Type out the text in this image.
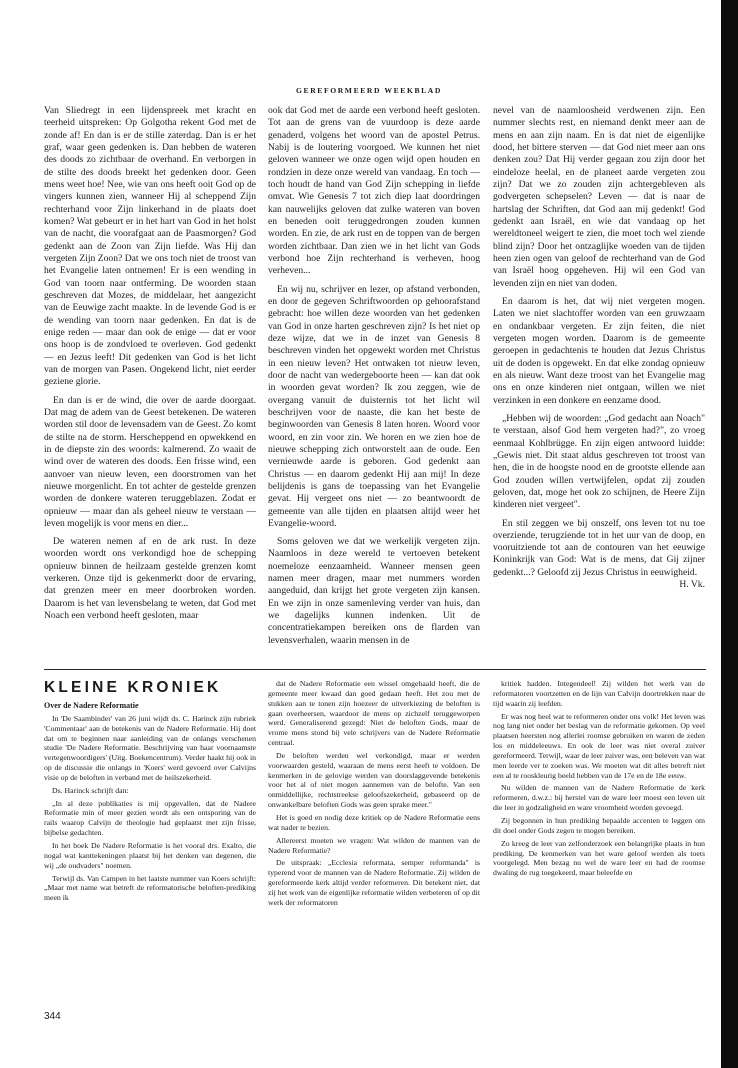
GEREFORMEERD WEEKBLAD

Van Sliedregt in een lijdenspreek met kracht en teerheid uitspreken: Op Golgotha rekent God met de zonde af! En dan is er de stille zaterdag. Dan is er het graf, waar geen gedenken is. Dan hebben de wateren des doods zo zichtbaar de overhand. En verborgen in de stilte des doods breekt het gedenken door. Geen mens weet hoe! Nee, wie van ons heeft ooit God op de vingers kunnen zien, wanneer Hij al scheppend Zijn rechterhand voor Zijn linkerhand in de plaats doet komen? Wat gebeurt er in het hart van God in het holst van de nacht, die voorafgaat aan de Paasmorgen? God gedenkt aan de Zoon van Zijn liefde. Was Hij dan vergeten Zijn Zoon? Dat we ons toch niet de troost van het Evangelie laten ontnemen! Er is een wending in God van toorn naar ontferming. De woorden staan geschreven dat Mozes, de middelaar, het aangezicht van de Eeuwige zacht maakte. In de levende God is er de wending van toorn naar gedenken. En dat is de enige reden — maar dan ook de enige — dat er voor ons hoop is de zondvloed te overleven. God gedenkt — en Jezus leeft! Dit gedenken van God is het licht van de morgen van Pasen. Ongekend licht, niet eerder geziene glorie.

En dan is er de wind, die over de aarde doorgaat. Dat mag de adem van de Geest betekenen. De wateren worden stil door de levensadem van de Geest. Zo komt de stilte na de storm. Herscheppend en opwekkend en in de diepste zin des woords: kalmerend. Zo waait de wind over de wateren des doods. Een frisse wind, een aanvoer van nieuw leven, een doorstromen van het nieuwe morgenlicht. En tot achter de gestelde grenzen worden de donkere wateren teruggeblazen. Zodat er opnieuw — maar dan als geheel nieuw te verstaan — leven mogelijk is voor mens en dier...

De wateren nemen af en de ark rust. In deze woorden wordt ons verkondigd hoe de schepping opnieuw binnen de heilzaam gestelde grenzen komt verkeren. Onze tijd is gekenmerkt door de ervaring, dat grenzen meer en meer doorbroken worden. Daarom is het van levensbelang te weten, dat God met Noach een verbond heeft gesloten, maar

ook dat God met de aarde een verbond heeft gesloten. Tot aan de grens van de vuurdoop is deze aarde genaderd, volgens het woord van de apostel Petrus. Nabij is de loutering voorgoed. We kunnen het niet geloven wanneer we onze ogen wijd open houden en rondzien in deze onze wereld van vandaag. En toch — toch houdt de hand van God Zijn schepping in liefde omvat. Wie Genesis 7 tot zich diep laat doordringen kan nauwelijks geloven dat zulke wateren van boven en beneden ooit teruggedrongen zouden kunnen worden. En zie, de ark rust en de toppen van de bergen worden zichtbaar. Dan zien we in het licht van Gods verbond hoe Zijn rechterhand is verheven, hoog verheven...

En wij nu, schrijver en lezer, op afstand verbonden, en door de gegeven Schriftwoorden op gehoorafstand gebracht: hoe willen deze woorden van het gedenken van God in onze harten geschreven zijn? Is het niet op deze wijze, dat we in de inzet van Genesis 8 beschreven vinden het opgewekt worden met Christus in een nieuw leven? Het ontwaken tot nieuw leven, door de nacht van wedergeboorte heen — kan dat ook in woorden gevat worden? Ik zou zeggen, wie de overgang vanuit de duisternis tot het licht wil beschrijven voor de naaste, die kan het beste de beginwoorden van Genesis 8 laten horen. Woord voor woord, en zin voor zin. We horen en we zien hoe de nieuwe schepping zich ontworstelt aan de oude. Een vernieuwde aarde is geboren. God gedenkt aan Christus — en daarom gedenkt Hij aan mij! In deze belijdenis is gans de toepassing van het Evangelie gevat. Hij vergeet ons niet — zo beantwoordt de gemeente van alle tijden en plaatsen altijd weer het Evangelie-woord.

Soms geloven we dat we werkelijk vergeten zijn. Naamloos in deze wereld te vertoeven betekent noemeloze eenzaamheid. Wanneer mensen geen namen meer dragen, maar met nummers worden aangeduid, dan krijgt het grote vergeten zijn kansen. En we zijn in onze samenleving verder van huis, dan we dagelijks kunnen indenken. Uit de concentratiekampen bereiken ons de flarden van levensverhalen, waarin mensen in de

nevel van de naamloosheid verdwenen zijn. Een nummer slechts rest, en niemand denkt meer aan de mens en aan zijn naam. En is dat niet de eigenlijke dood, het bittere sterven — dat God niet meer aan ons denken zou? Dat Hij verder gegaan zou zijn door het eindeloze heelal, en de planeet aarde vergeten zou zijn? Dat we zo zouden zijn achtergebleven als godvergeten schepselen? Leven — dat is naar de hartslag der Schriften, dat God aan mij gedenkt! God gedenkt aan Israël, en wie dat vandaag op het wereldtoneel weigert te zien, die moet toch wel ziende blind zijn? Door het ontzaglijke woeden van de tijden heen zien ogen van geloof de rechterhand van de God van Israël hoog opgeheven. Hij wil een God van levenden zijn en niet van doden.

En daarom is het, dat wij niet vergeten mogen. Laten we niet slachtoffer worden van een gruwzaam en ondankbaar vergeten. Er zijn feiten, die niet vergeten mogen worden. Daarom is de gemeente geroepen in gedachtenis te houden dat Jezus Christus uit de doden is opgewekt. En dat elke zondag opnieuw en als nieuw. Want deze troost van het Evangelie mag ons en onze kinderen niet ontgaan, willen we niet verzinken in een donkere en eenzame dood.

„Hebben wij de woorden: „God gedacht aan Noach" te verstaan, alsof God hem vergeten had?", zo vroeg eenmaal Kohlbrügge. En zijn eigen antwoord luidde: „Gewis niet. Dit staat aldus geschreven tot troost van hen, die in de hoogste nood en de grootste ellende aan God zouden willen vertwijfelen, opdat zij zouden geloven, dat, moge het ook zo schijnen, de Heere Zijn kinderen niet vergeet".

En stil zeggen we bij onszelf, ons leven tot nu toe overziende, terugziende tot in het uur van de doop, en vooruitziende tot aan de contouren van het eeuwige Koninkrijk van God: Wat is de mens, dat Gij zijner gedenkt...? Geloofd zij Jezus Christus in eeuwigheid.

H. Vk.

KLEINE KRONIEK

Over de Nadere Reformatie

In 'De Saambinder' van 26 juni wijdt ds. C. Harinck zijn rubriek 'Commentaar' aan de betekenis van de Nadere Reformatie. Hij doet dat om te beginnen naar aanleiding van de onlangs verschenen studie 'De Nadere Reformatie. Beschrijving van haar voornaamste vertegenwoordigers' (Uitg. Boekencentrum). Verder haakt hij ook in op de discussie die onlangs in 'Koers' werd gevoerd over Calvijns visie op de beloften in verband met de heilszekerheid.

Ds. Harinck schrijft dan:

„In al deze publikaties is mij opgevallen, dat de Nadere Reformatie min of meer gezien wordt als een ontsporing van de rails waarop Calvijn de theologie had geplaatst met zijn frisse, bijbelse gedachten.

In het boek De Nadere Reformatie is het vooral drs. Exalto, die nogal wat kanttekeningen plaatst bij het denken van degenen, die wij „de oudvaders" noemen.

Terwijl ds. Van Campen in het laatste nummer van Koers schrijft: „Maar met name wat betreft de reformatorische beloften-prediking meen ik

dat de Nadere Reformatie een wissel omgehaald heeft, die de gemeente meer kwaad dan goed gedaan heeft. Het zou met de stukken aan te tonen zijn hoezeer de uitverkiezing de beloften is gaan overheersen, waardoor de mens op zichzelf teruggeworpen werd. Generaliserend gezegd: Niet de beloften Gods, maar de vrome mens stond bij vele schrijvers van de Nadere Reformatie centraal.

De beloften werden wel verkondigd, maar er werden voorwaarden gesteld, waaraan de mens eerst heeft te voldoen. De kenmerken in de gelovige werden van doorslaggevende betekenis voor het al of niet mogen aannemen van de belofte. Van een onmiddellijke, rechtstreekse geloofszekerheid, gebaseerd op de onwankelbare beloften Gods was geen sprake meer."

Het is goed en nodig deze kritiek op de Nadere Reformatie eens wat nader te bezien.

Allereerst moeten we vragen: Wat wilden de mannen van de Nadere Reformatie?

De uitspraak: „Ecclesia reformata, semper reformanda" is typerend voor de mannen van de Nadere Reformatie. Zij wilden de gereformeerde kerk altijd verder reformeren. Dit betekent niet, dat zij het werk van de eigenlijke reformatie wilden verbeteren of op dit werk der reformatoren

kritiek hadden. Integendeel! Zij wilden het werk van de reformatoren voortzetten en de lijn van Calvijn doortrekken naar de tijd waarin zij leefden.

Er was nog heel wat te reformeren onder ons volk! Het leven was nog lang niet onder het beslag van de reformatie gekomen. Op veel plaatsen heersten nog allerlei roomse gebruiken en waren de zeden los en middeleeuws. En ook de leer was niet overal zuiver gereformeerd. Terwijl, waar de leer zuiver was, een beleven van wat men leerde ver te zoeken was. We moeten wat dit alles betreft niet een al te rooskleurig beeld hebben van de 17e en de 18e eeuw.

Nu wilden de mannen van de Nadere Reformatie de kerk reformeren, d.w.z.: bij herstel van de ware leer moest een leven uit die leer in godzaligheid en ware vroomheid worden gevoegd.

Zij begonnen in hun prediking bepaalde accenten te leggen om dit doel onder Gods zegen te mogen bereiken.

Zo kreeg de leer van zelfonderzoek een belangrijke plaats in hun prediking. De kenmerken van het ware geloof werden als toets voorgelegd. Men bezag nu wel de ware leer en had de roomse dwaling de rug toegekeerd, maar beleefde en

344
